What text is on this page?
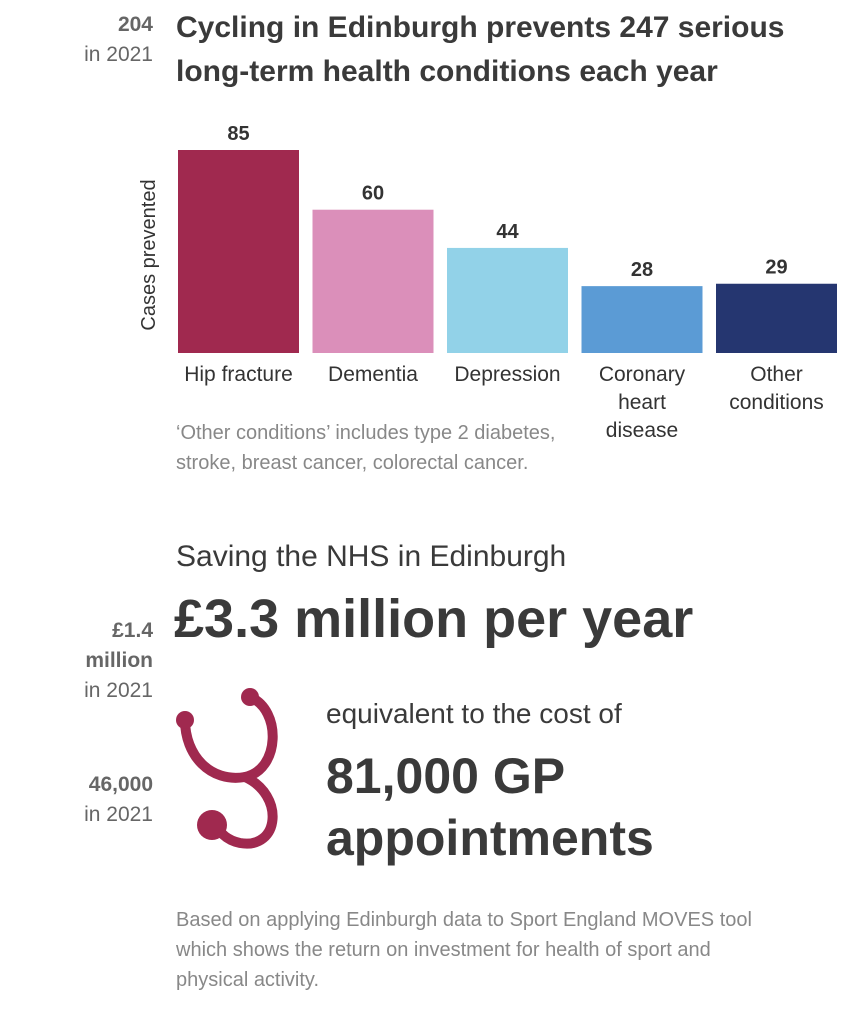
204
in 2021
Cycling in Edinburgh prevents 247 serious long-term health conditions each year
Cases prevented
85
Hip fracture
60
Dementia
44
Depression
28
Coronary heart disease
29
Other conditions
‘Other conditions’ includes type 2 diabetes, stroke, breast cancer, colorectal cancer.
Saving the NHS in Edinburgh
£3.3 million per year
£1.4
million
in 2021
equivalent to the cost of
81,000 GP appointments
46,000
in 2021
Based on applying Edinburgh data to Sport England MOVES tool which shows the return on investment for health of sport and physical activity.
